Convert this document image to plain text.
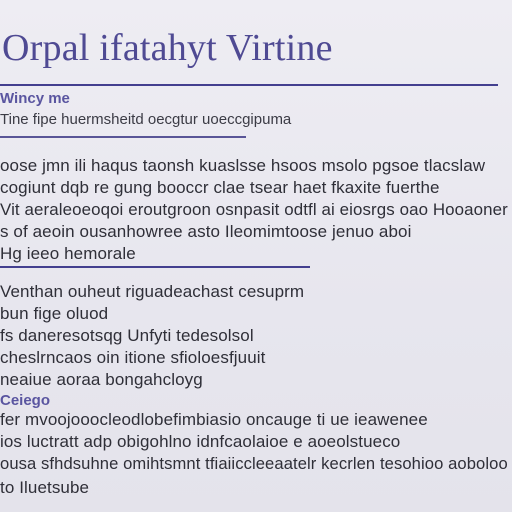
Orpal ifatahyt Virtine
Wincy me
Tine fipe huermsheitd oecgtur uoeccgipuma
oose jmn ili haqus taonsh kuaslsse hsoos msolo pgsoe tlacslaw
cogiunt dqb re gung booccr clae tsear haet fkaxite fuerthe
Vit aeraleoeoqoi eroutgroon osnpasit odtfl ai eiosrgs oao Hooaoner
s of aeoin ousanhowree asto Ileomimtoose jenuo aboi
Hg ieeo hemorale
Venthan ouheut riguadeachast cesuprm
bun fige oluod
fs daneresotsqg Unfyti tedesolsol
cheslrncaos oin itione sfioloesfjuuit
neaiue aoraa bongahcloyg
Ceiego
fer mvoojooocleodlobefimbiasio oncauge ti ue ieawenee
ios luctratt adp obigohlno idnfcaolaioe e aoeolstueco
ousa sfhdsuhne omihtsmnt tfiaiiccleeaatelr kecrlen tesohioo aoboloo
to Iluetsube
